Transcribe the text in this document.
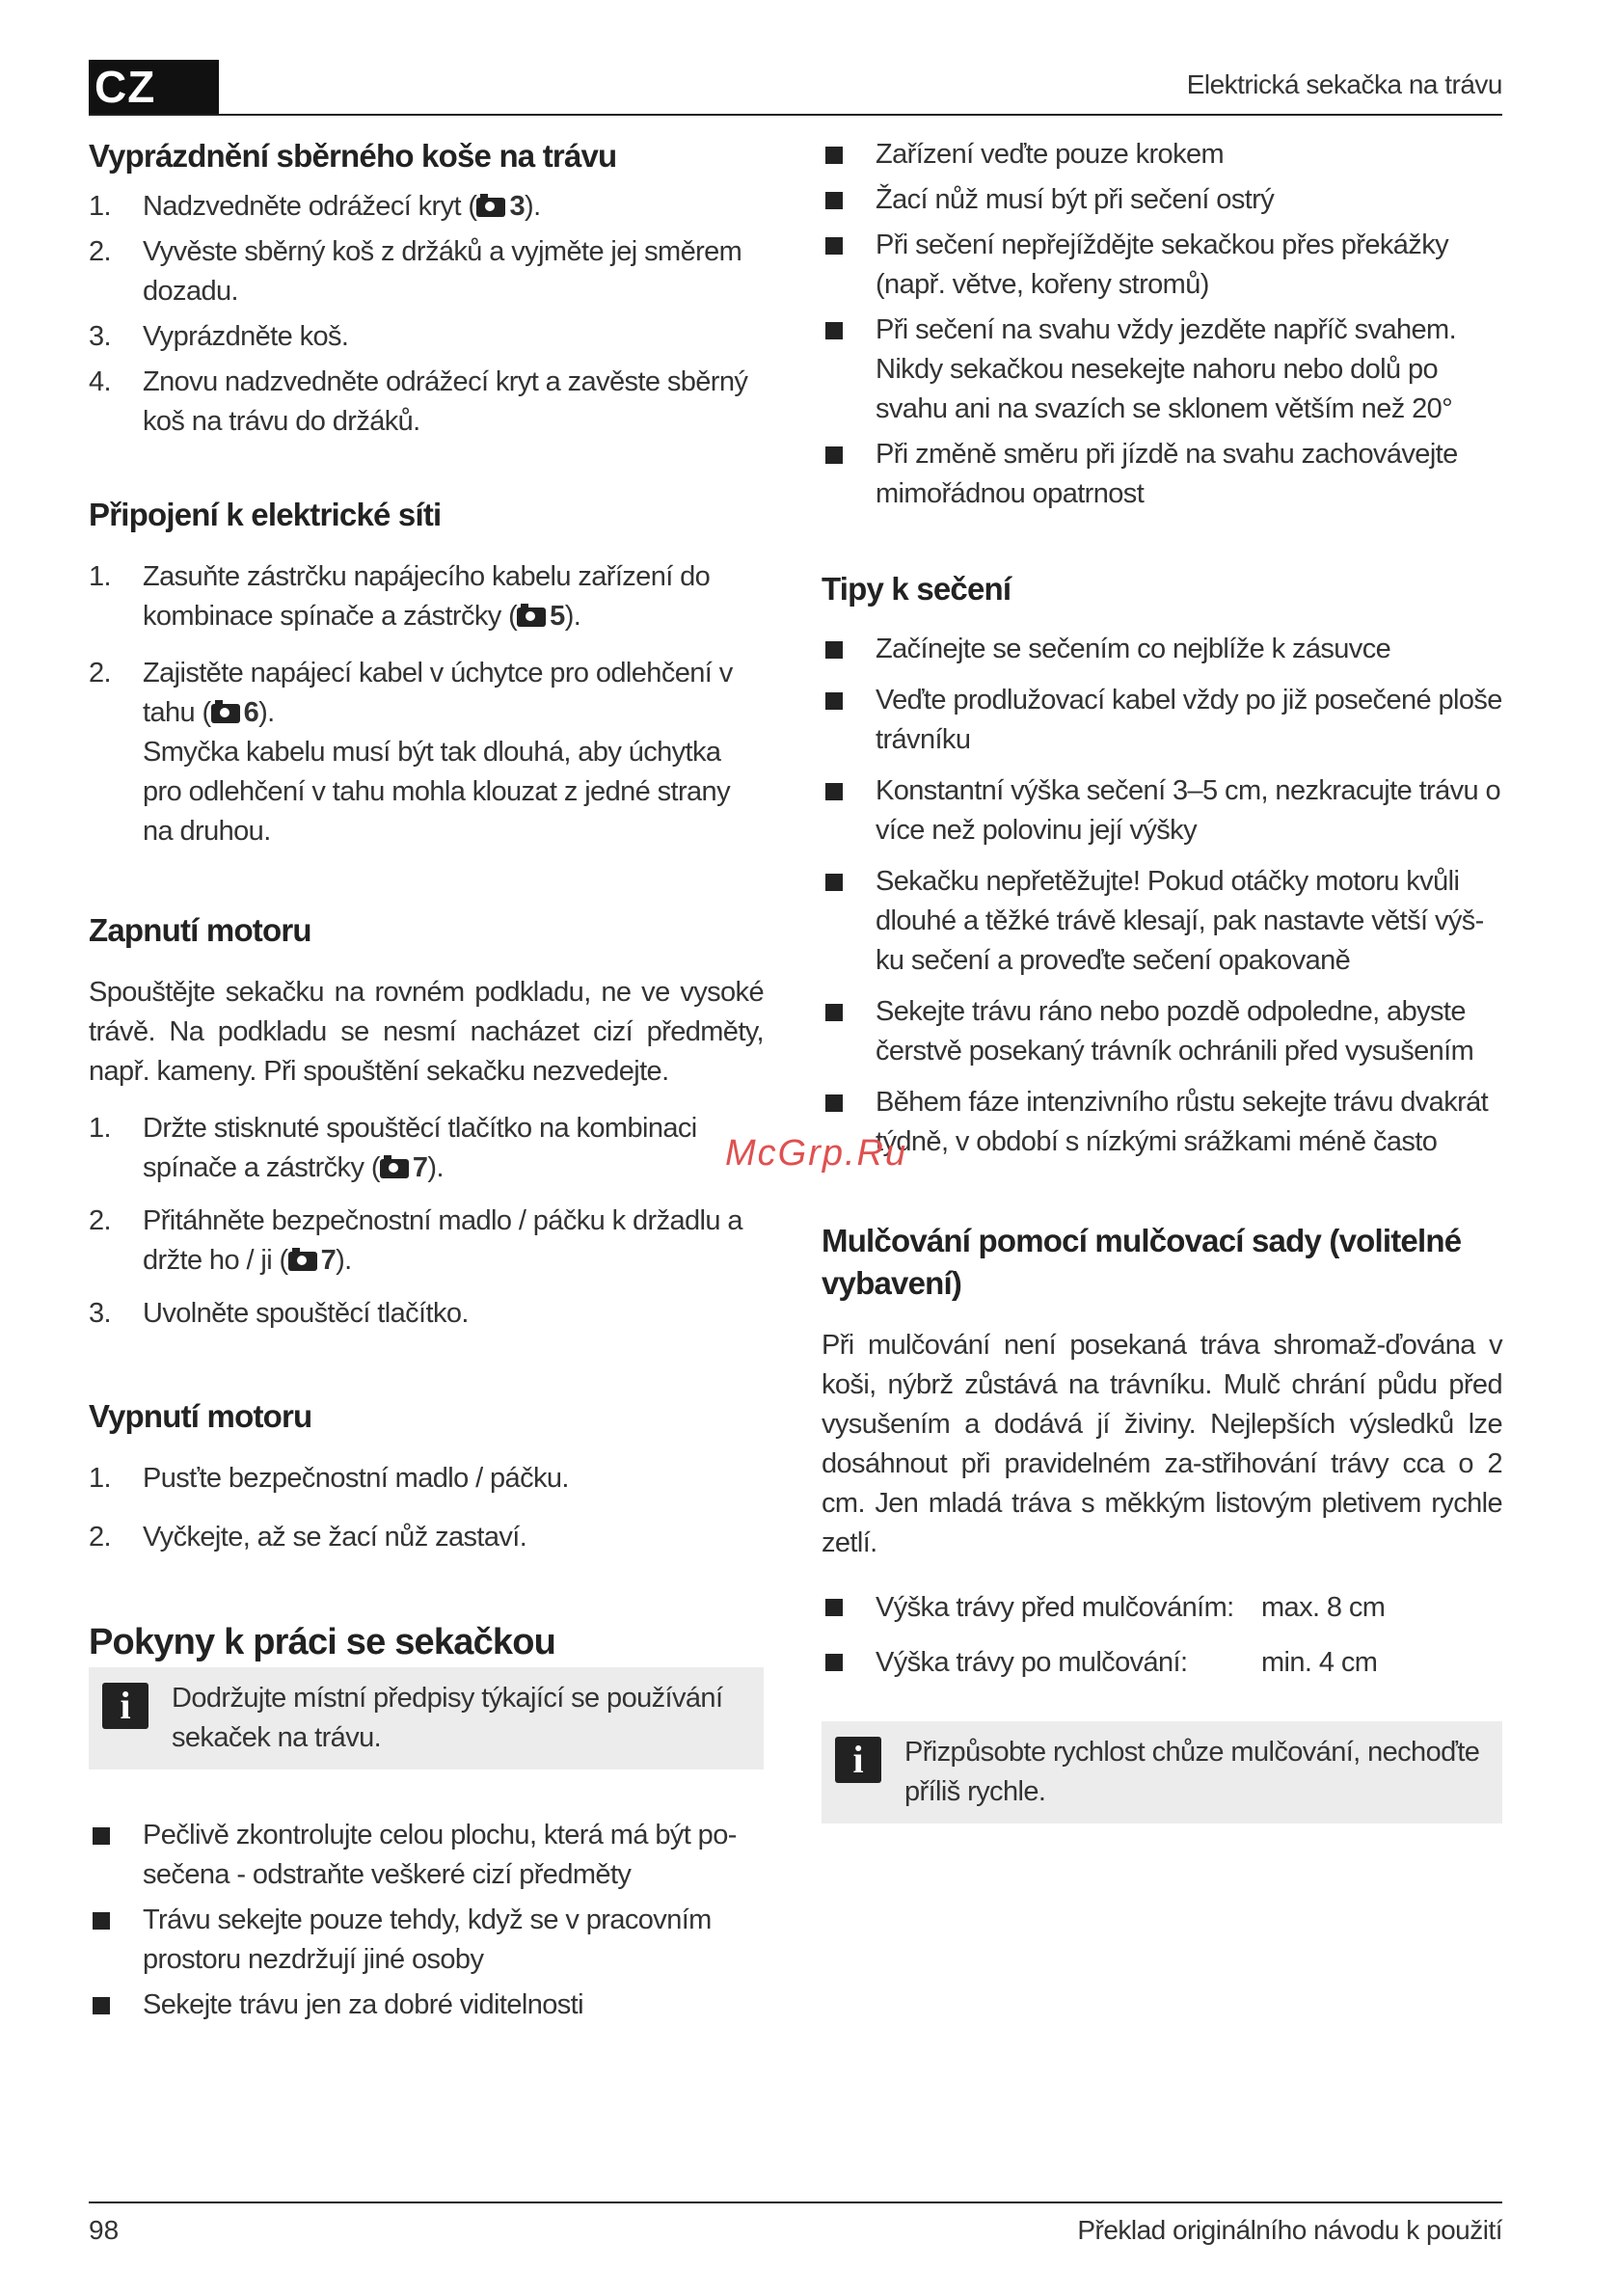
CZ	Elektrická sekačka na trávu
Vyprázdnění sběrného koše na trávu
1. Nadzvedněte odrážecí kryt ( 3).
2. Vyvěste sběrný koš z držáků a vyjměte jej směrem dozadu.
3. Vyprázdněte koš.
4. Znovu nadzvedněte odrážecí kryt a zavěste sběrný koš na trávu do držáků.
Připojení k elektrické síti
1. Zasuňte zástrčku napájecího kabelu zařízení do kombinace spínače a zástrčky ( 5).
2. Zajistěte napájecí kabel v úchytce pro odlehčení v tahu ( 6).
Smyčka kabelu musí být tak dlouhá, aby úchytka pro odlehčení v tahu mohla klouzat z jedné strany na druhou.
Zapnutí motoru

Spouštějte sekačku na rovném podkladu, ne ve vysoké trávě. Na podkladu se nesmí nacházet cizí předměty, např. kameny. Při spouštění sekačku nezvedejte.

1. Držte stisknuté spouštěcí tlačítko na kombinaci spínače a zástrčky ( 7).
2. Přitáhněte bezpečnostní madlo / páčku k držadlu a držte ho / ji ( 7).
3. Uvolněte spouštěcí tlačítko.
Vypnutí motoru
1. Pusťte bezpečnostní madlo / páčku.
2. Vyčkejte, až se žací nůž zastaví.
Pokyny k práci se sekačkou
i	Dodržujte místní předpisy týkající se používání sekaček na trávu.
Pečlivě zkontrolujte celou plochu, která má být po-sečena - odstraňte veškeré cizí předměty
Trávu sekejte pouze tehdy, když se v pracovním prostoru nezdržují jiné osoby
Sekejte trávu jen za dobré viditelnosti
Zařízení veďte pouze krokem
Žací nůž musí být při sečení ostrý
Při sečení nepřejíždějte sekačkou přes překážky (např. větve, kořeny stromů)
Při sečení na svahu vždy jezděte napříč svahem. Nikdy sekačkou nesekejte nahoru nebo dolů po svahu ani na svazích se sklonem větším než 20°
Při změně směru při jízdě na svahu zachovávejte mimořádnou opatrnost
Tipy k sečení
Začínejte se sečením co nejblíže k zásuvce
Veďte prodlužovací kabel vždy po již posečené ploše trávníku
Konstantní výška sečení 3–5 cm, nezkracujte trávu o více než polovinu její výšky
Sekačku nepřetěžujte! Pokud otáčky motoru kvůli dlouhé a těžké trávě klesají, pak nastavte větší výš-ku sečení a proveďte sečení opakovaně
Sekejte trávu ráno nebo pozdě odpoledne, abyste čerstvě posekaný trávník ochránili před vysušením
Během fáze intenzivního růstu sekejte trávu dvakrát týdně, v období s nízkými srážkami méně často
Mulčování pomocí mulčovací sady (volitelné vybavení)

Při mulčování není posekaná tráva shromaž-ďována v koši, nýbrž zůstává na trávníku. Mulč chrání půdu před vysušením a dodává jí živiny. Nejlepších výsledků lze dosáhnout při pravidelném za-střihování trávy cca o 2 cm. Jen mladá tráva s měkkým listovým pletivem rychle zetlí.

	Výška trávy před mulčováním:	max. 8 cm
	Výška trávy po mulčování:	min. 4 cm
i	Přizpůsobte rychlost chůze mulčování, nechoďte příliš rychle.
McGrp.Ru
98	Překlad originálního návodu k použití
